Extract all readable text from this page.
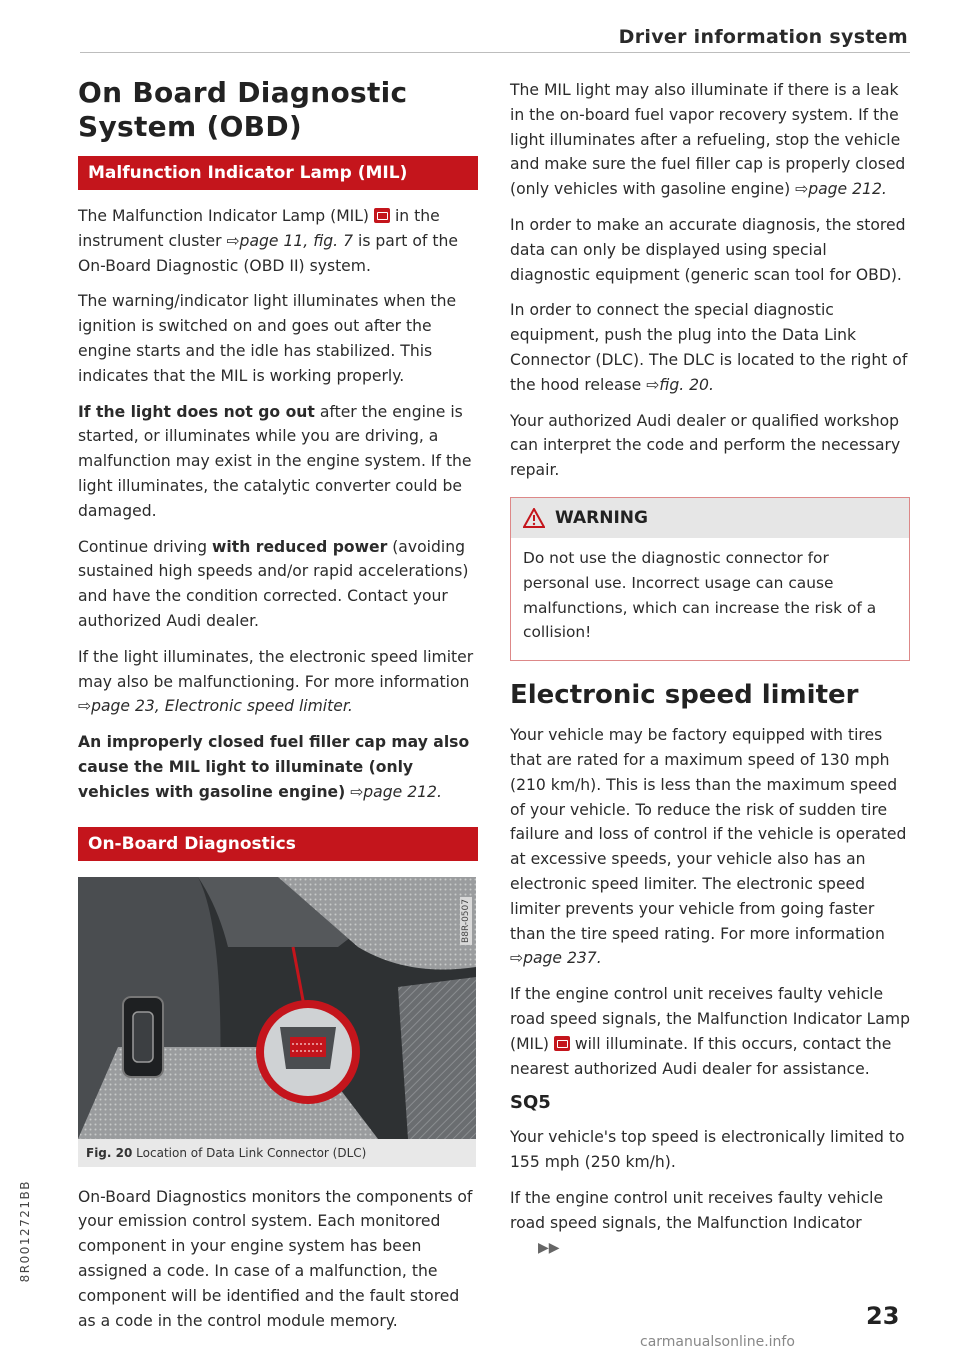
Driver information system
On Board Diagnostic System (OBD)
Malfunction Indicator Lamp (MIL)

The Malfunction Indicator Lamp (MIL)  in the instrument cluster ⇨page 11, fig. 7 is part of the On-Board Diagnostic (OBD II) system.

The warning/indicator light illuminates when the ignition is switched on and goes out after the engine starts and the idle has stabilized. This indicates that the MIL is working properly.

If the light does not go out after the engine is started, or illuminates while you are driving, a malfunction may exist in the engine system. If the light illuminates, the catalytic converter could be damaged.

Continue driving with reduced power (avoiding sustained high speeds and/or rapid accelerations) and have the condition corrected. Contact your authorized Audi dealer.

If the light illuminates, the electronic speed limiter may also be malfunctioning. For more information ⇨page 23, Electronic speed limiter.

An improperly closed fuel filler cap may also cause the MIL light to illuminate (only vehicles with gasoline engine) ⇨page 212.

On-Board Diagnostics
B8R-0507
Fig. 20 Location of Data Link Connector (DLC)

On-Board Diagnostics monitors the components of your emission control system. Each monitored component in your engine system has been assigned a code. In case of a malfunction, the component will be identified and the fault stored as a code in the control module memory.

The MIL light may also illuminate if there is a leak in the on-board fuel vapor recovery system. If the light illuminates after a refueling, stop the vehicle and make sure the fuel filler cap is properly closed (only vehicles with gasoline engine) ⇨page 212.

In order to make an accurate diagnosis, the stored data can only be displayed using special diagnostic equipment (generic scan tool for OBD).

In order to connect the special diagnostic equipment, push the plug into the Data Link Connector (DLC). The DLC is located to the right of the hood release ⇨fig. 20.

Your authorized Audi dealer or qualified workshop can interpret the code and perform the necessary repair.

WARNING

Do not use the diagnostic connector for personal use. Incorrect usage can cause malfunctions, which can increase the risk of a collision!

Electronic speed limiter

Your vehicle may be factory equipped with tires that are rated for a maximum speed of 130 mph (210 km/h). This is less than the maximum speed of your vehicle. To reduce the risk of sudden tire failure and loss of control if the vehicle is operated at excessive speeds, your vehicle also has an electronic speed limiter. The electronic speed limiter prevents your vehicle from going faster than the tire speed rating. For more information ⇨page 237.

If the engine control unit receives faulty vehicle road speed signals, the Malfunction Indicator Lamp (MIL)  will illuminate. If this occurs, contact the nearest authorized Audi dealer for assistance.

SQ5

Your vehicle's top speed is electronically limited to 155 mph (250 km/h).

If the engine control unit receives faulty vehicle road speed signals, the Malfunction Indicator▶▶

8R0012721BB
23
carmanualsonline.info
